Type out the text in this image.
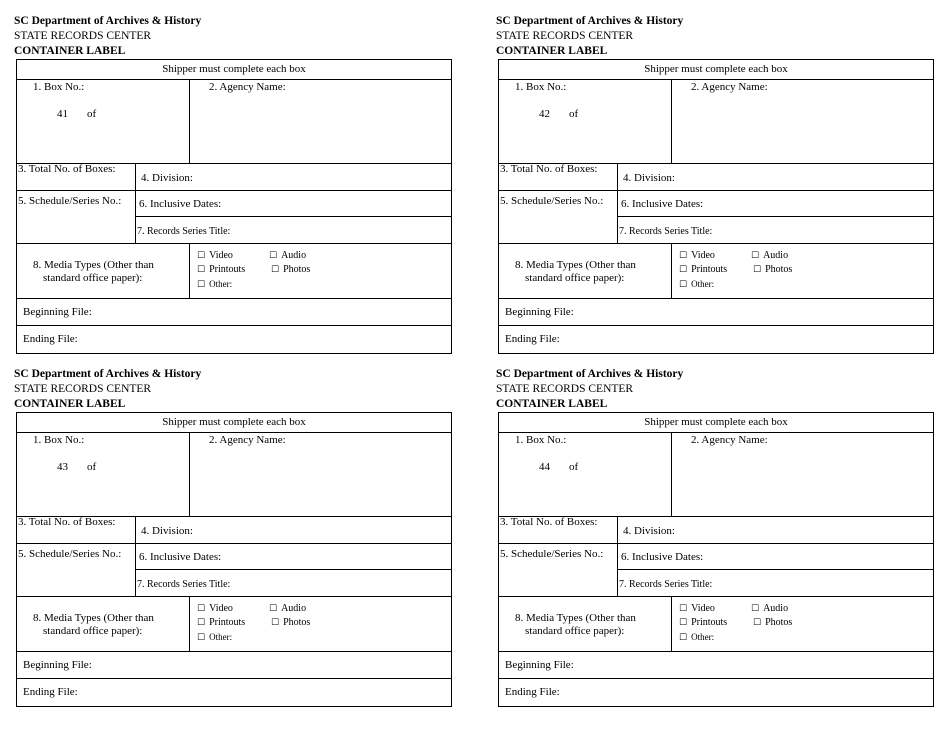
SC Department of Archives & History
STATE RECORDS CENTER
CONTAINER LABEL
Shipper must complete each box
1. Box No.:
41 of
2. Agency Name:
3. Total No. of Boxes:
4. Division:
5. Schedule/Series No.: 6. Inclusive Dates:
7. Records Series Title:
8. Media Types (Other than
standard office paper):
☐ Video	☐ Audio
☐ Printouts	☐ Photos
☐ Other:
Beginning File:
Ending File:
SC Department of Archives & History
STATE RECORDS CENTER
CONTAINER LABEL
Shipper must complete each box
1. Box No.:
42 of
2. Agency Name:
3. Total No. of Boxes:
4. Division:
5. Schedule/Series No.: 6. Inclusive Dates:
7. Records Series Title:
8. Media Types (Other than
standard office paper):
☐ Video	☐ Audio
☐ Printouts	☐ Photos
☐ Other:
Beginning File:
Ending File:
SC Department of Archives & History
STATE RECORDS CENTER
CONTAINER LABEL
Shipper must complete each box
1. Box No.:
43 of
2. Agency Name:
3. Total No. of Boxes:
4. Division:
5. Schedule/Series No.: 6. Inclusive Dates:
7. Records Series Title:
8. Media Types (Other than
standard office paper):
☐ Video	☐ Audio
☐ Printouts	☐ Photos
☐ Other:
Beginning File:
Ending File:
SC Department of Archives & History
STATE RECORDS CENTER
CONTAINER LABEL
Shipper must complete each box
1. Box No.:
44 of
2. Agency Name:
3. Total No. of Boxes:
4. Division:
5. Schedule/Series No.: 6. Inclusive Dates:
7. Records Series Title:
8. Media Types (Other than
standard office paper):
☐ Video	☐ Audio
☐ Printouts	☐ Photos
☐ Other:
Beginning File:
Ending File:
